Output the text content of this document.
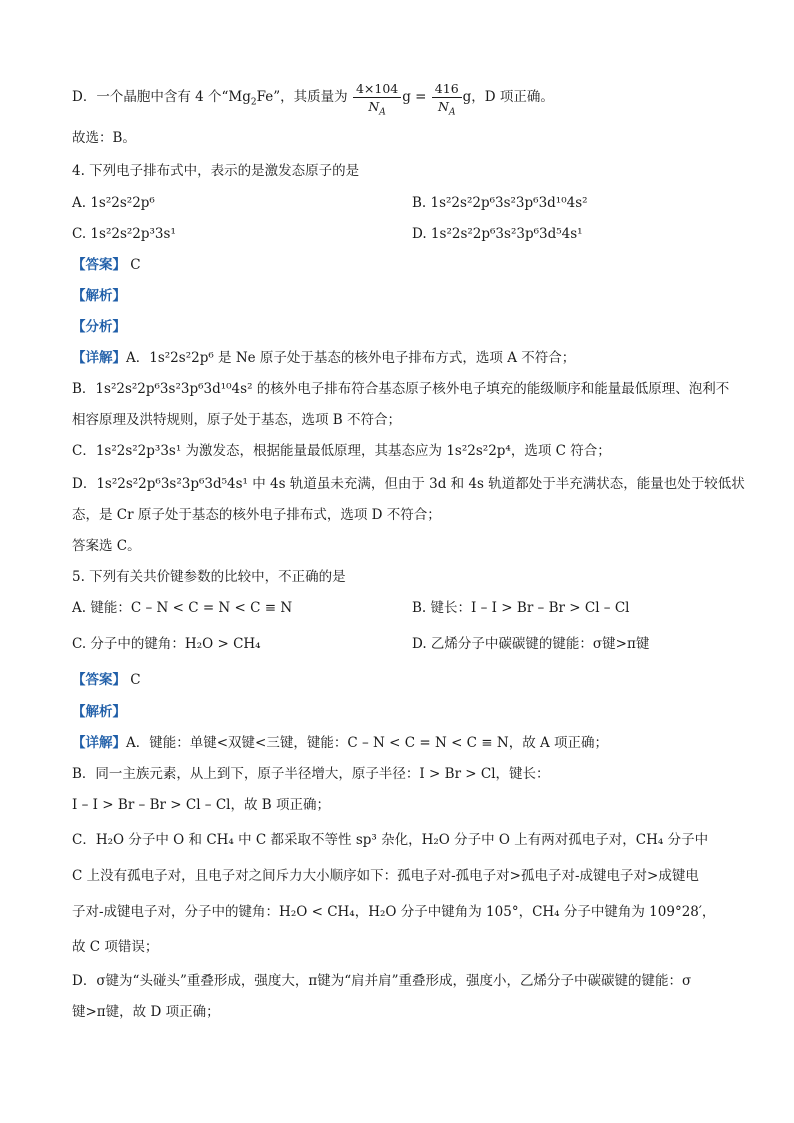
D．一个晶胞中含有 4 个“$Mg_2Fe$”，其质量为 $\frac{4\times 104}{N_A}$ $g = \frac{416}{N_A}$ g，D 项正确。
故选：B。
4. 下列电子排布式中，表示的是激发态原子的是
A. 1s²2s²2p⁶	B. 1s²2s²2p⁶3s²3p⁶3d¹⁰4s²
C. 1s²2s²2p³3s¹	D. 1s²2s²2p⁶3s²3p⁶3d⁵4s¹
【答案】 C
【解析】
【分析】
【详解】A．1s²2s²2p⁶ 是 Ne 原子处于基态的核外电子排布方式，选项 A 不符合；
B．1s²2s²2p⁶3s²3p⁶3d¹⁰4s² 的核外电子排布符合基态原子核外电子填充的能级顺序和能量最低原理、泡利不
相容原理及洪特规则，原子处于基态，选项 B 不符合；
C．1s²2s²2p³3s¹ 为激发态，根据能量最低原理，其基态应为 1s²2s²2p⁴，选项 C 符合；
D．1s²2s²2p⁶3s²3p⁶3d⁵4s¹ 中 4s 轨道虽未充满，但由于 3d 和 4s 轨道都处于半充满状态，能量也处于较低状
态，是 Cr 原子处于基态的核外电子排布式，选项 D 不符合；
答案选 C。
5. 下列有关共价键参数的比较中，不正确的是
A. 键能：C – N < C = N < C ≡ N	B. 键长：I – I > Br – Br > Cl – Cl
C. 分子中的键角：H₂O > CH₄	D. 乙烯分子中碳碳键的键能：σ键>π键
【答案】 C
【解析】
【详解】A．键能：单键<双键<三键，键能：C – N < C = N < C ≡ N，故 A 项正确；
B．同一主族元素，从上到下，原子半径增大，原子半径：I > Br > Cl，键长：
I – I > Br – Br > Cl – Cl，故 B 项正确；
C．H₂O 分子中 O 和 CH₄ 中 C 都采取不等性 sp³ 杂化，H₂O 分子中 O 上有两对孤电子对，CH₄ 分子中
C 上没有孤电子对，且电子对之间斥力大小顺序如下：孤电子对-孤电子对>孤电子对-成键电子对>成键电
子对-成键电子对，分子中的键角：H₂O < CH₄，H₂O 分子中键角为 105°，CH₄ 分子中键角为 109°28′，
故 C 项错误；
D．σ键为“头碰头”重叠形成，强度大，π键为“肩并肩”重叠形成，强度小，乙烯分子中碳碳键的键能：σ
键>π键，故 D 项正确；
